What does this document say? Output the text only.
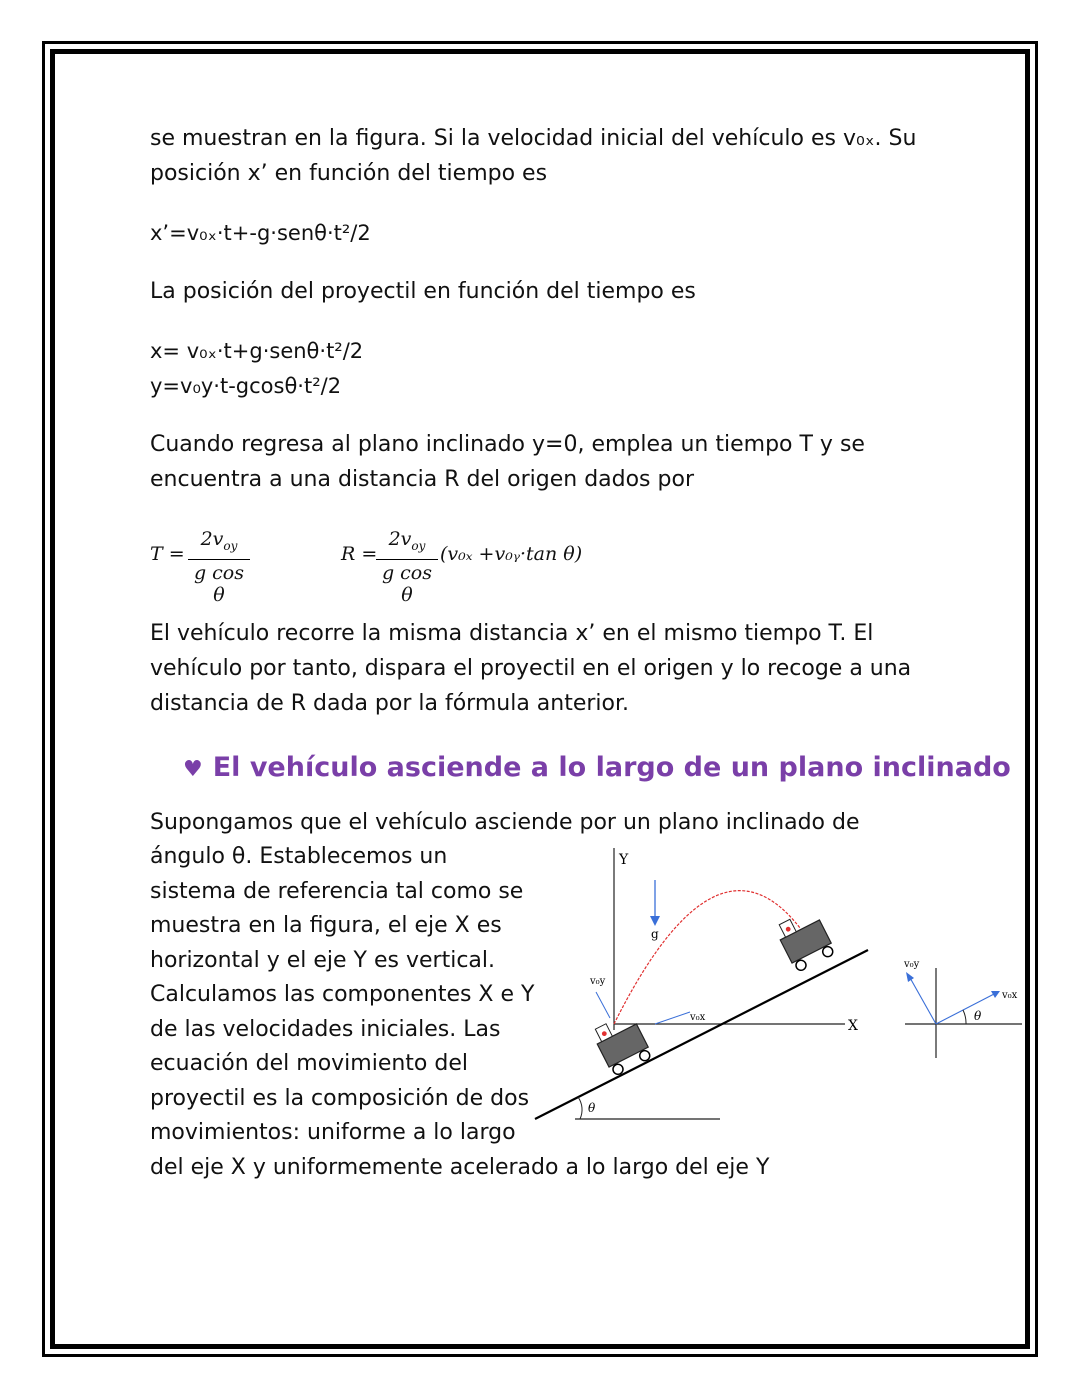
se muestran en la figura. Si la velocidad inicial del vehículo es v₀ₓ. Su

posición x’ en función del tiempo es

x’=v₀ₓ·t+-g·senθ·t²/2

La posición del proyectil en función del tiempo es

x= v₀ₓ·t+g·senθ·t²/2

y=v₀y·t-gcosθ·t²/2

Cuando regresa al plano inclinado y=0, emplea un tiempo T y se

encuentra a una distancia R del origen dados por

T =
$2v_{oy}$
g cos θ
R =
$2v_{oy}$
g cos θ
(v₀ₓ +v₀ᵧ·tan θ)

El vehículo recorre la misma distancia x’ en el mismo tiempo T. El

vehículo por tanto, dispara el proyectil en el origen y lo recoge a una

distancia de R dada por la fórmula anterior.

♥ El vehículo asciende a lo largo de un plano inclinado

Supongamos que el vehículo asciende por un plano inclinado de

ángulo θ. Establecemos un

sistema de referencia tal como se

muestra en la figura, el eje X es

horizontal y el eje Y es vertical.

Calculamos las componentes X e Y

de las velocidades iniciales. Las

ecuación del movimiento del

proyectil es la composición de dos

movimientos: uniforme a lo largo

del eje X y uniformemente acelerado a lo largo del eje Y

Y
X
θ
g
v₀y
v₀x
v₀y
v₀x
θ
